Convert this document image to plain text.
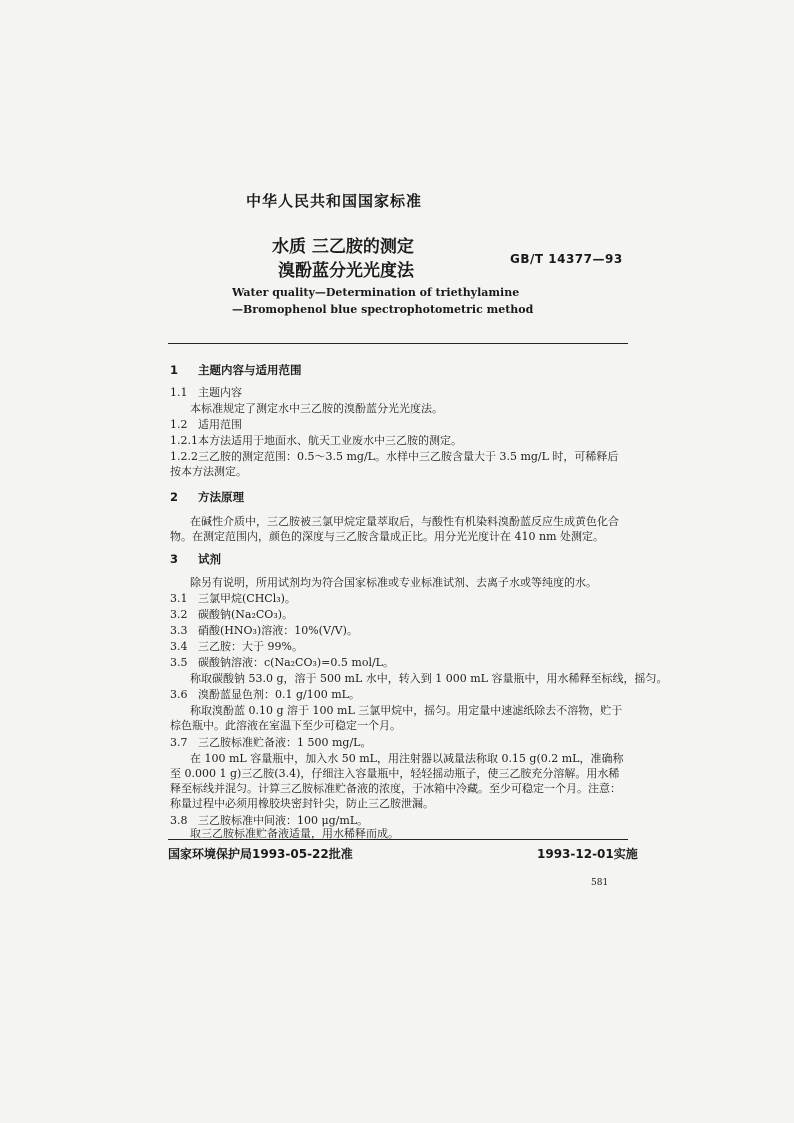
中华人民共和国国家标准
水质 三乙胺的测定
溴酚蓝分光光度法
GB/T 14377—93
Water quality—Determination of triethylamine
—Bromophenol blue spectrophotometric method
1 主题内容与适用范围
1.1 主题内容
本标准规定了测定水中三乙胺的溴酚蓝分光光度法。
1.2 适用范围
1.2.1本方法适用于地面水、航天工业废水中三乙胺的测定。
1.2.2三乙胺的测定范围：0.5～3.5 mg/L。水样中三乙胺含量大于 3.5 mg/L 时，可稀释后按本方法测定。
2 方法原理
在碱性介质中，三乙胺被三氯甲烷定量萃取后，与酸性有机染料溴酚蓝反应生成黄色化合物。在测定范围内，颜色的深度与三乙胺含量成正比。用分光光度计在 410 nm 处测定。
3 试剂
除另有说明，所用试剂均为符合国家标准或专业标准试剂、去离子水或等纯度的水。
3.1 三氯甲烷(CHCl₃)。
3.2 碳酸钠(Na₂CO₃)。
3.3 硝酸(HNO₃)溶液：10%(V/V)。
3.4 三乙胺：大于 99%。
3.5 碳酸钠溶液：c(Na₂CO₃)=0.5 mol/L。
称取碳酸钠 53.0 g，溶于 500 mL 水中，转入到 1 000 mL 容量瓶中，用水稀释至标线，摇匀。
3.6 溴酚蓝显色剂：0.1 g/100 mL。
称取溴酚蓝 0.10 g 溶于 100 mL 三氯甲烷中，摇匀。用定量中速滤纸除去不溶物，贮于棕色瓶中。此溶液在室温下至少可稳定一个月。
3.7 三乙胺标准贮备液：1 500 mg/L。
在 100 mL 容量瓶中，加入水 50 mL，用注射器以减量法称取 0.15 g(0.2 mL，准确称至 0.000 1 g)三乙胺(3.4)，仔细注入容量瓶中，轻轻摇动瓶子，使三乙胺充分溶解。用水稀释至标线并混匀。计算三乙胺标准贮备液的浓度，于冰箱中冷藏。至少可稳定一个月。注意：称量过程中必须用橡胶块密封针尖，防止三乙胺泄漏。
3.8 三乙胺标准中间液：100 μg/mL。
取三乙胺标准贮备液适量，用水稀释而成。
国家环境保护局1993-05-22批准	1993-12-01实施
581
